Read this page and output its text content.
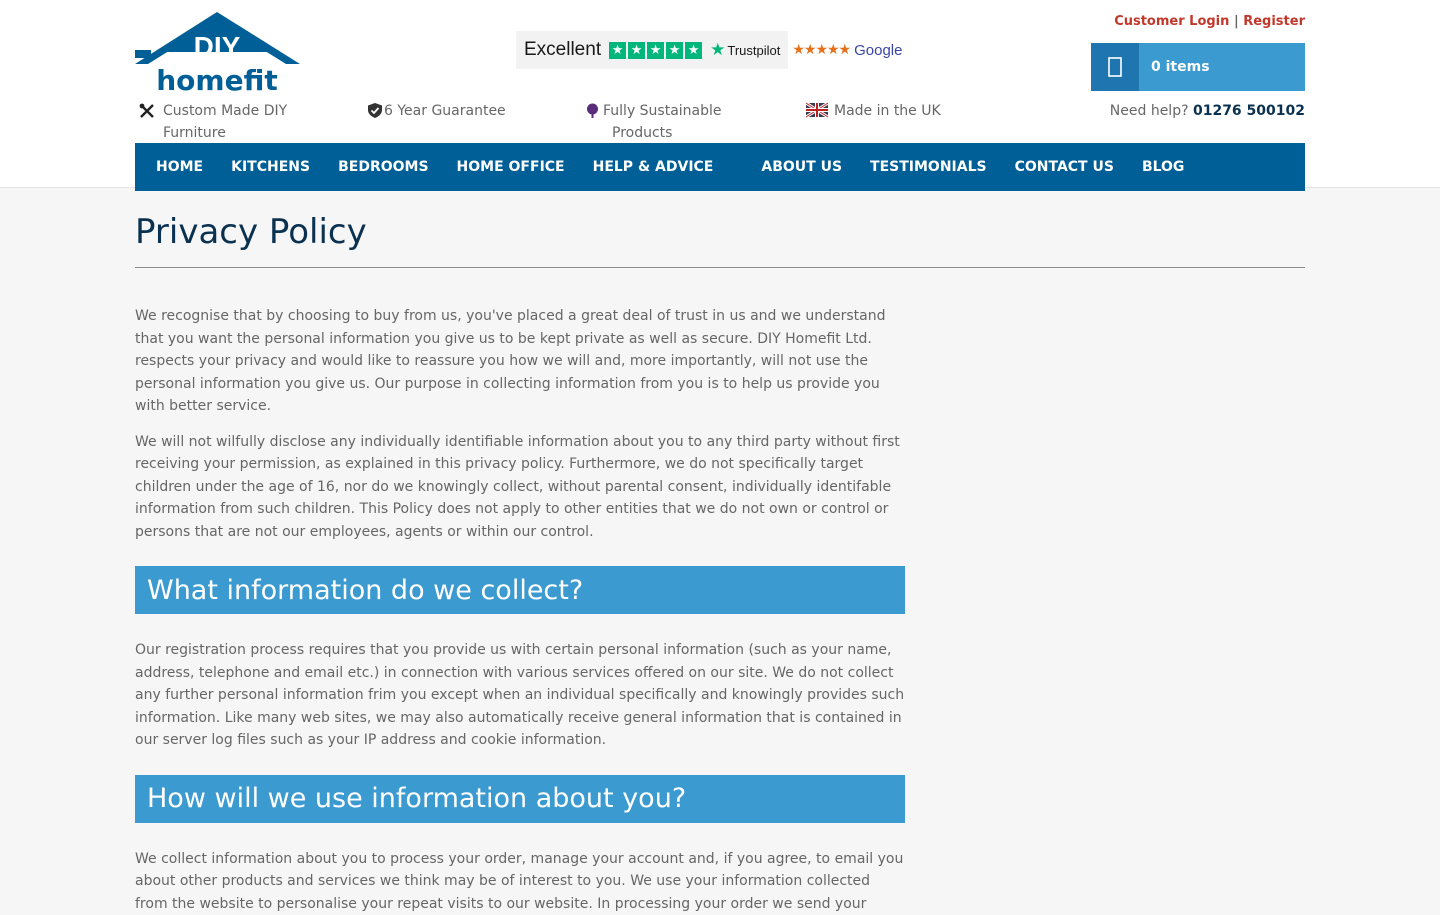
DIY
homefit
Excellent ★ ★ ★ ★ ★ ★ Trustpilot ★★★★★ Google
Customer Login | Register
0 items
Custom Made DIY
Furniture
6 Year Guarantee	Fully Sustainable
Products
Made in the UK	Need help? 01276 500102
HOME	KITCHENS	BEDROOMS	HOME OFFICE	HELP & ADVICE	ABOUT US	TESTIMONIALS	CONTACT US	BLOG
Privacy Policy

We recognise that by choosing to buy from us, you've placed a great deal of trust in us and we understand that you want the personal information you give us to be kept private as well as secure. DIY Homefit Ltd. respects your privacy and would like to reassure you how we will and, more importantly, will not use the personal information you give us. Our purpose in collecting information from you is to help us provide you with better service.

We will not wilfully disclose any individually identifiable information about you to any third party without first receiving your permission, as explained in this privacy policy. Furthermore, we do not specifically target children under the age of 16, nor do we knowingly collect, without parental consent, individually identifable information from such children. This Policy does not apply to other entities that we do not own or control or persons that are not our employees, agents or within our control.

What information do we collect?

Our registration process requires that you provide us with certain personal information (such as your name, address, telephone and email etc.) in connection with various services offered on our site. We do not collect any further personal information frim you except when an individual specifically and knowingly provides such information. Like many web sites, we may also automatically receive general information that is contained in our server log files such as your IP address and cookie information.

How will we use information about you?

We collect information about you to process your order, manage your account and, if you agree, to email you about other products and services we think may be of interest to you. We use your information collected from the website to personalise your repeat visits to our website. In processing your order we send your
